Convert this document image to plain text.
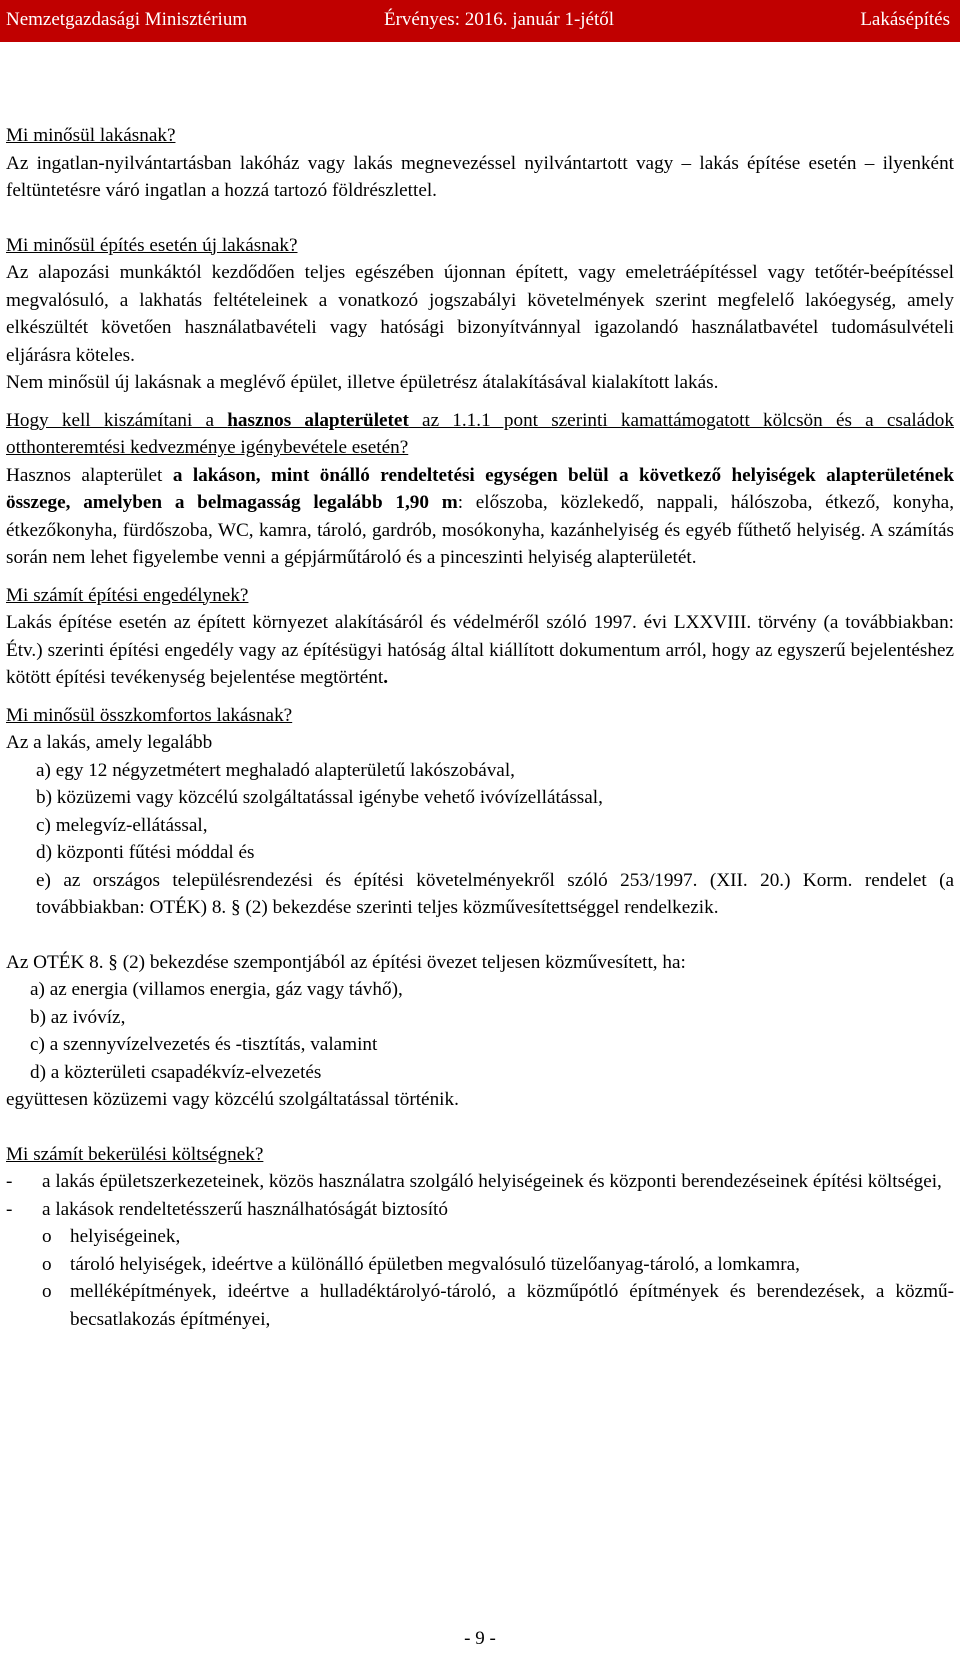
Nemzetgazdasági Minisztérium	Érvényes: 2016. január 1-jétől	Lakásépítés

Mi minősül lakásnak?

Az ingatlan-nyilvántartásban lakóház vagy lakás megnevezéssel nyilvántartott vagy ‒ lakás építése esetén ‒ ilyenként feltüntetésre váró ingatlan a hozzá tartozó földrészlettel.

Mi minősül építés esetén új lakásnak?

Az alapozási munkáktól kezdődően teljes egészében újonnan épített, vagy emeletráépítéssel vagy tetőtér-beépítéssel megvalósuló, a lakhatás feltételeinek a vonatkozó jogszabályi követelmények szerint megfelelő lakóegység, amely elkészültét követően használatbavételi vagy hatósági bizonyítvánnyal igazolandó használatbavétel tudomásulvételi eljárásra köteles.

Nem minősül új lakásnak a meglévő épület, illetve épületrész átalakításával kialakított lakás.

Hogy kell kiszámítani a hasznos alapterületet az 1.1.1 pont szerinti kamattámogatott kölcsön és a családok otthonteremtési kedvezménye igénybevétele esetén?

Hasznos alapterület a lakáson, mint önálló rendeltetési egységen belül a következő helyiségek alapterületének összege, amelyben a belmagasság legalább 1,90 m: előszoba, közlekedő, nappali, hálószoba, étkező, konyha, étkezőkonyha, fürdőszoba, WC, kamra, tároló, gardrób, mosókonyha, kazánhelyiség és egyéb fűthető helyiség. A számítás során nem lehet figyelembe venni a gépjárműtároló és a pinceszinti helyiség alapterületét.

Mi számít építési engedélynek?

Lakás építése esetén az épített környezet alakításáról és védelméről szóló 1997. évi LXXVIII. törvény (a továbbiakban: Étv.) szerinti építési engedély vagy az építésügyi hatóság által kiállított dokumentum arról, hogy az egyszerű bejelentéshez kötött építési tevékenység bejelentése megtörtént.

Mi minősül összkomfortos lakásnak?

Az a lakás, amely legalább

a) egy 12 négyzetmétert meghaladó alapterületű lakószobával,

b) közüzemi vagy közcélú szolgáltatással igénybe vehető ivóvízellátással,

c) melegvíz-ellátással,

d) központi fűtési móddal és

e) az országos településrendezési és építési követelményekről szóló 253/1997. (XII. 20.) Korm. rendelet (a továbbiakban: OTÉK) 8. § (2) bekezdése szerinti teljes közművesítettséggel rendelkezik.

Az OTÉK 8. § (2) bekezdése szempontjából az építési övezet teljesen közművesített, ha:

a) az energia (villamos energia, gáz vagy távhő),

b) az ivóvíz,

c) a szennyvízelvezetés és -tisztítás, valamint

d) a közterületi csapadékvíz-elvezetés

együttesen közüzemi vagy közcélú szolgáltatással történik.

Mi számít bekerülési költségnek?

-	a lakás épületszerkezeteinek, közös használatra szolgáló helyiségeinek és központi berendezéseinek építési költségei,
-	a lakások rendeltetésszerű használhatóságát biztosító
o helyiségeinek,
o tároló helyiségek, ideértve a különálló épületben megvalósuló tüzelőanyag-tároló, a lomkamra,
o melléképítmények, ideértve a hulladéktárolyó-tároló, a közműpótló építmények és berendezések, a közmű-becsatlakozás építményei,
- 9 -
